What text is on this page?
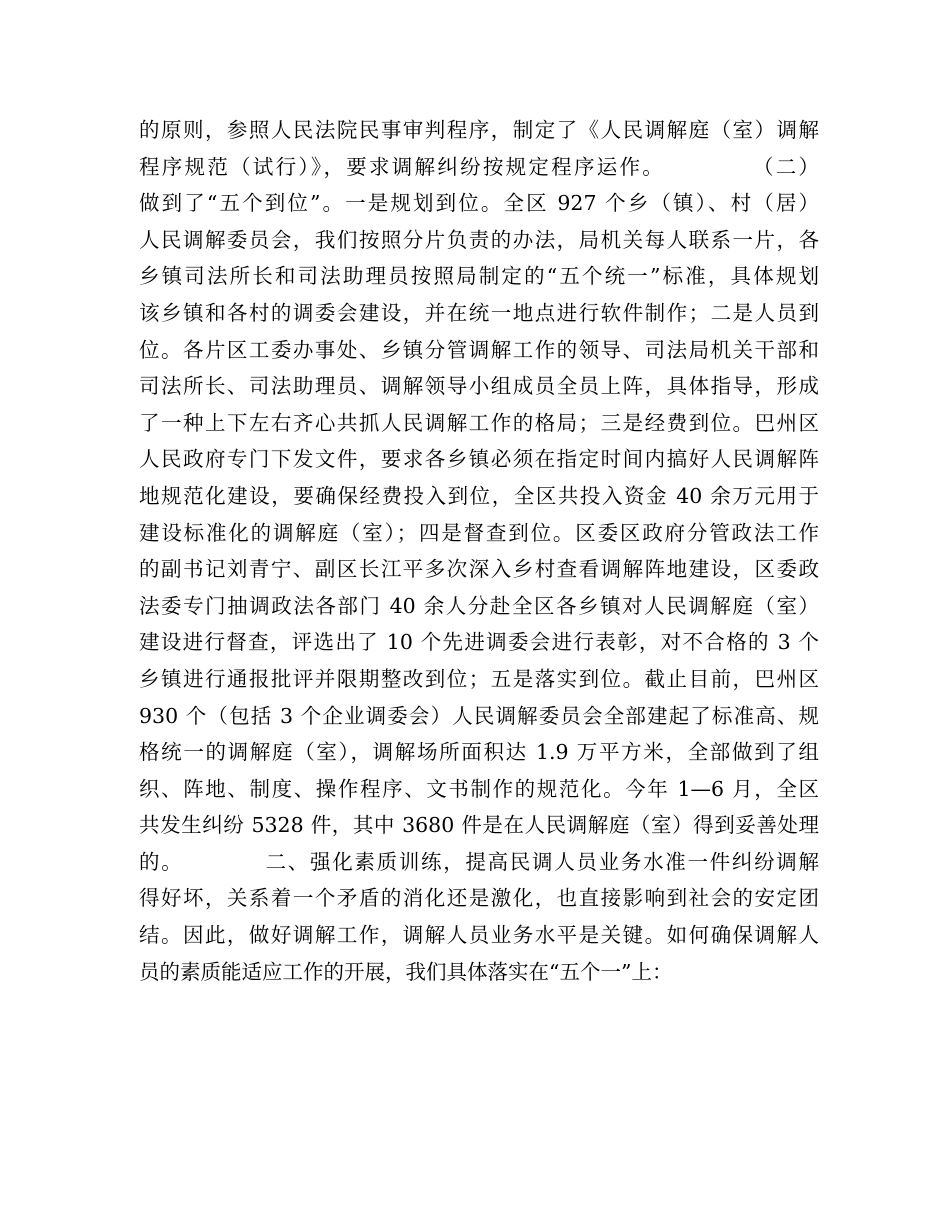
的原则，参照人民法院民事审判程序，制定了《人民调解庭（室）调解
程序规范（试行）》，要求调解纠纷按规定程序运作。          （二）
做到了“五个到位”。一是规划到位。全区 927 个乡（镇）、村（居）
人民调解委员会，我们按照分片负责的办法，局机关每人联系一片，各
乡镇司法所长和司法助理员按照局制定的“五个统一”标准，具体规划
该乡镇和各村的调委会建设，并在统一地点进行软件制作；二是人员到
位。各片区工委办事处、乡镇分管调解工作的领导、司法局机关干部和
司法所长、司法助理员、调解领导小组成员全员上阵，具体指导，形成
了一种上下左右齐心共抓人民调解工作的格局；三是经费到位。巴州区
人民政府专门下发文件，要求各乡镇必须在指定时间内搞好人民调解阵
地规范化建设，要确保经费投入到位，全区共投入资金 40 余万元用于
建设标准化的调解庭（室）；四是督查到位。区委区政府分管政法工作
的副书记刘青宁、副区长江平多次深入乡村查看调解阵地建设，区委政
法委专门抽调政法各部门 40 余人分赴全区各乡镇对人民调解庭（室）
建设进行督查，评选出了 10 个先进调委会进行表彰，对不合格的 3 个
乡镇进行通报批评并限期整改到位；五是落实到位。截止目前，巴州区
930 个（包括 3 个企业调委会）人民调解委员会全部建起了标准高、规
格统一的调解庭（室），调解场所面积达 1.9 万平方米，全部做到了组
织、阵地、制度、操作程序、文书制作的规范化。今年 1—6 月，全区
共发生纠纷 5328 件，其中 3680 件是在人民调解庭（室）得到妥善处理
的。          二、强化素质训练，提高民调人员业务水准一件纠纷调解
得好坏，关系着一个矛盾的消化还是激化，也直接影响到社会的安定团
结。因此，做好调解工作，调解人员业务水平是关键。如何确保调解人
员的素质能适应工作的开展，我们具体落实在“五个一”上：
